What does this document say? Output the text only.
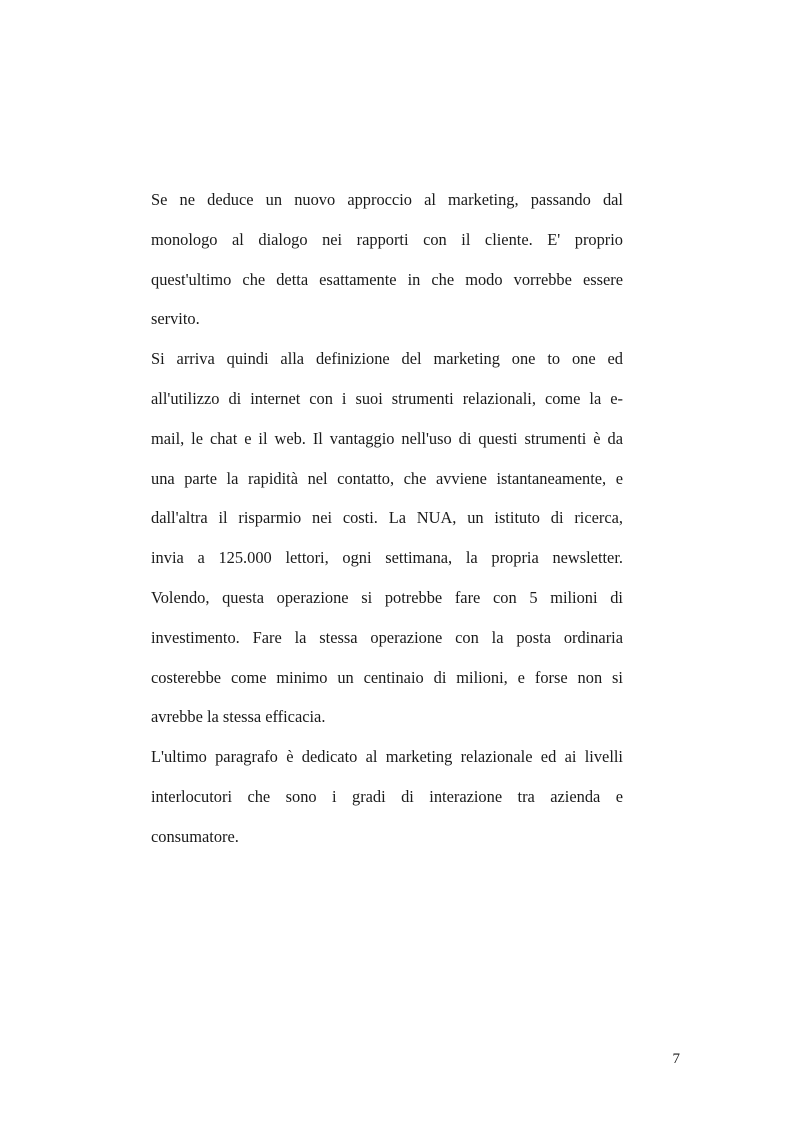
Se ne deduce un nuovo approccio al marketing, passando dal
monologo al dialogo nei rapporti con il cliente. E' proprio
quest'ultimo che detta esattamente in che modo vorrebbe essere
servito.
Si arriva quindi alla definizione del marketing one to one ed
all'utilizzo di internet con i suoi strumenti relazionali, come la e-
mail, le chat e il web. Il vantaggio nell'uso di questi strumenti è da
una parte la rapidità nel contatto, che avviene istantaneamente, e
dall'altra il risparmio nei costi. La NUA, un istituto di ricerca,
invia a 125.000 lettori, ogni settimana, la propria newsletter.
Volendo, questa operazione si potrebbe fare con 5 milioni di
investimento. Fare la stessa operazione con la posta ordinaria
costerebbe come minimo un centinaio di milioni, e forse non si
avrebbe la stessa efficacia.
L'ultimo paragrafo è dedicato al marketing relazionale ed ai livelli
interlocutori che sono i gradi di interazione tra azienda e
consumatore.
7
